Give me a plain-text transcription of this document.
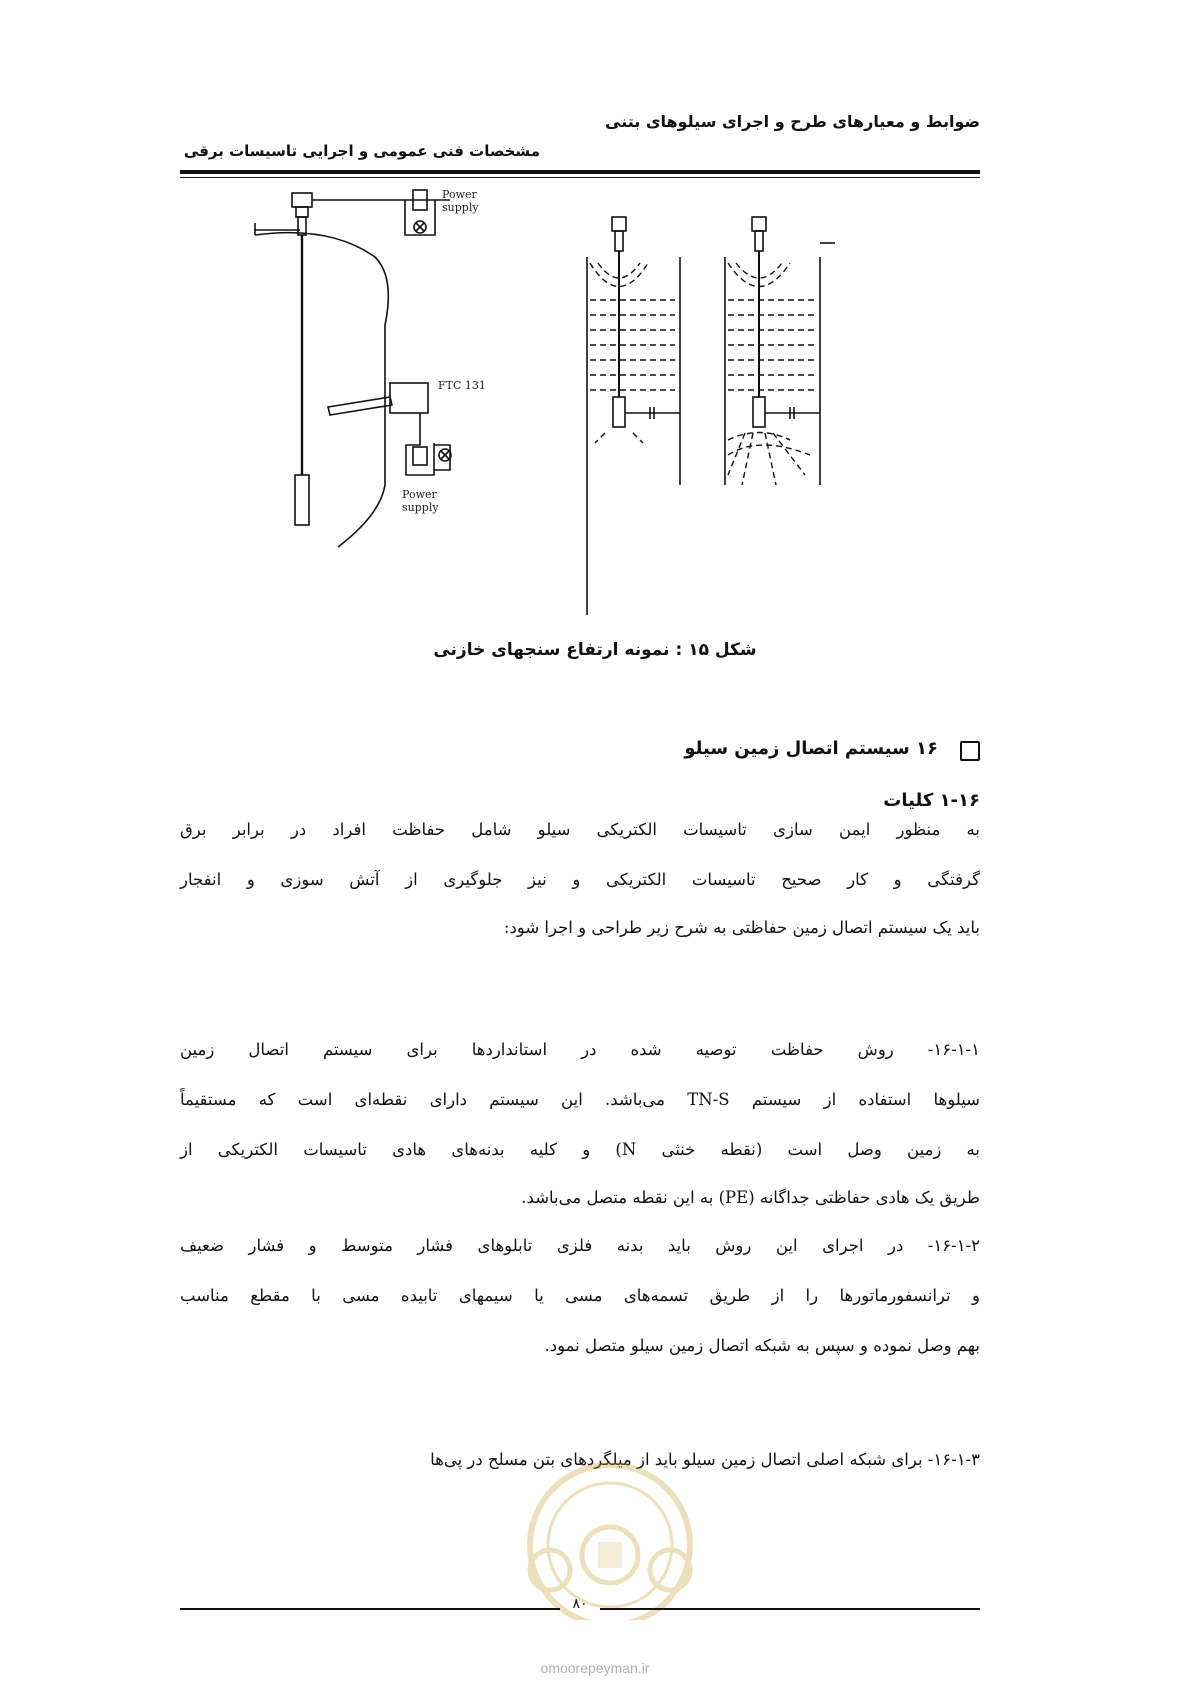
ضوابط و معیارهای طرح و اجرای سیلوهای بتنی
مشخصات فنی عمومی و اجرایی تاسیسات برقی
Power
supply
FTC 131
Power
supply
شکل ۱۵ : نمونه ارتفاع سنجهای خازنی
۱۶ سیستم اتصال زمین سیلو
۱-۱۶ کلیات
به منظور ایمن سازی تاسیسات الکتریکی سیلو شامل حفاظت افراد در برابر برق
گرفتگی و کار صحیح تاسیسات الکتریکی و نیز جلوگیری از آتش سوزی و انفجار
باید یک سیستم اتصال زمین حفاظتی به شرح زیر طراحی و اجرا شود:
۱۶-۱-۱- روش حفاظت توصیه شده در استانداردها برای سیستم اتصال زمین
سیلوها استفاده از سیستم TN-S می‌باشد. این سیستم دارای نقطه‌ای است که مستقیماً
به زمین وصل است (نقطه خنثی N) و کلیه بدنه‌های هادی تاسیسات الکتریکی از
طریق یک هادی حفاظتی جداگانه (PE) به این نقطه متصل می‌باشد.
۱۶-۱-۲- در اجرای این روش باید بدنه فلزی تابلوهای فشار متوسط و فشار ضعیف
و ترانسفورماتورها را از طریق تسمه‌های مسی یا سیمهای تابیده مسی با مقطع مناسب
بهم وصل نموده و سپس به شبکه اتصال زمین سیلو متصل نمود.
۱۶-۱-۳- برای شبکه اصلی اتصال زمین سیلو باید از میلگردهای بتن مسلح در پی‌ها
۸۰
omoorepeyman.ir
